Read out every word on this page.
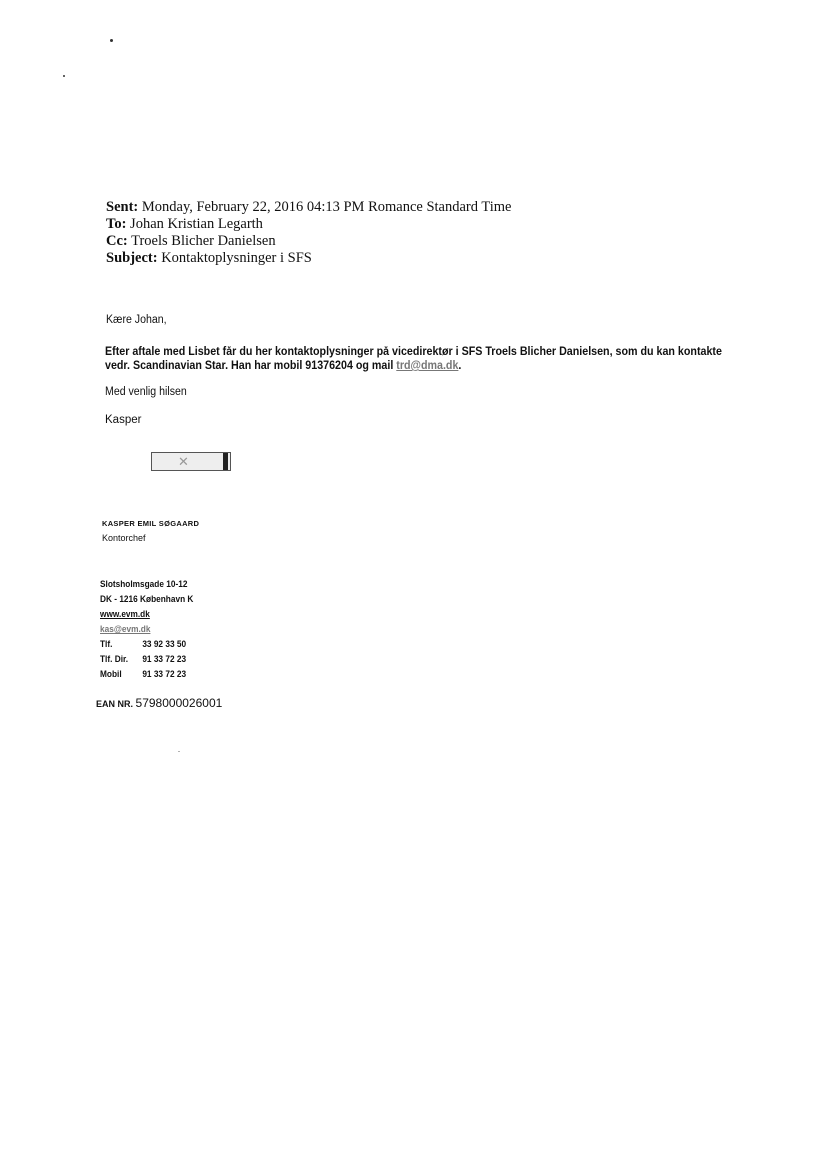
Sent: Monday, February 22, 2016 04:13 PM Romance Standard Time
To: Johan Kristian Legarth
Cc: Troels Blicher Danielsen
Subject: Kontaktoplysninger i SFS
Kære Johan,
Efter aftale med Lisbet får du her kontaktoplysninger på vicedirektør i SFS Troels Blicher Danielsen, som du kan kontakte vedr. Scandinavian Star. Han har mobil 91376204 og mail trd@dma.dk.
Med venlig hilsen
Kasper
✕
KASPER EMIL SØGAARD
Kontorchef
Slotsholmsgade 10-12
DK - 1216 København K
www.evm.dk
kas@evm.dk
Tlf.	33 92 33 50
Tlf. Dir. 91 33 72 23
Mobil 91 33 72 23
EAN NR. 5798000026001
